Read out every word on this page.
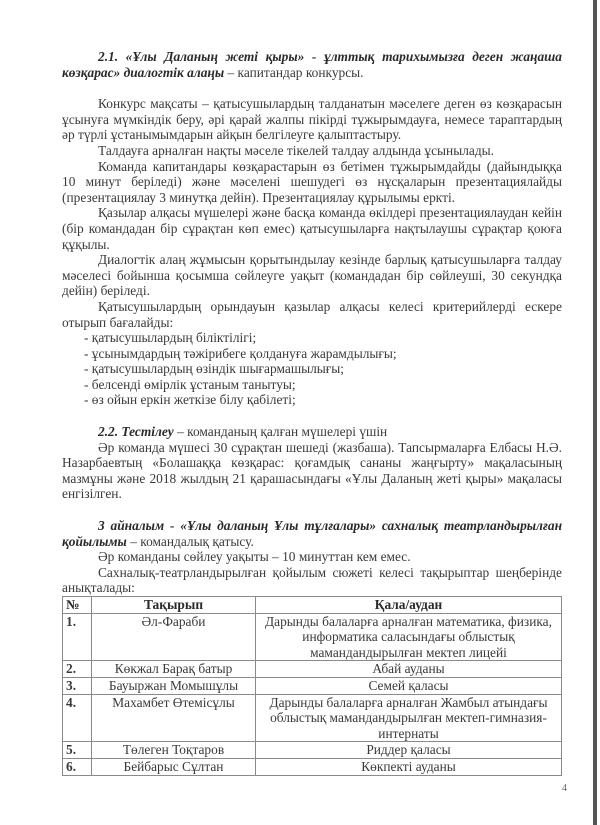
2.1. «Ұлы Даланың жеті қыры» - ұлттық тарихымызға деген жаңаша көзқарас» диалогтік алаңы – капитандар конкурсы.

Конкурс мақсаты – қатысушылардың талданатын мәселеге деген өз көзқарасын ұсынуға мүмкіндік беру, әрі қарай жалпы пікірді тұжырымдауға, немесе тараптардың әр түрлі ұстанымымдарын айқын белгілеуге қалыптастыру.

Талдауға арналған нақты мәселе тікелей талдау алдында ұсынылады.

Команда капитандары көзқарастарын өз бетімен тұжырымдайды (дайындыққа 10 минут беріледі) және мәселені шешудегі өз нұсқаларын презентациялайды (презентациялау 3 минутқа дейін). Презентациялау құрылымы еркті.

Қазылар алқасы мүшелері және басқа команда өкілдері презентациялаудан кейін (бір командадан бір сұрақтан көп емес) қатысушыларға нақтылаушы сұрақтар қоюға құқылы.

Диалогтік алаң жұмысын қорытындылау кезінде барлық қатысушыларға талдау мәселесі бойынша қосымша сөйлеуге уақыт (командадан бір сөйлеуші, 30 секундқа дейін) беріледі.

Қатысушылардың орындауын қазылар алқасы келесі критерийлерді ескере отырып бағалайды:

- қатысушылардың біліктілігі;
- ұсынымдардың тәжірибеге қолдануға жарамдылығы;
- қатысушылардың өзіндік шығармашылығы;
- белсенді өмірлік ұстаным танытуы;
- өз ойын еркін жеткізе білу қабілеті;

2.2. Тестілеу – команданың қалған мүшелері үшін

Әр команда мүшесі 30 сұрақтан шешеді (жазбаша). Тапсырмаларға Елбасы Н.Ә. Назарбаевтың «Болашаққа көзқарас: қоғамдық сананы жаңғырту» мақаласының мазмұны және 2018 жылдың 21 қарашасындағы «Ұлы Даланың жеті қыры» мақаласы енгізілген.

3 айналым - «Ұлы даланың Ұлы тұлғалары» сахналық театрландырылған қойылымы – командалық қатысу.

Әр команданы сөйлеу уақыты – 10 минуттан кем емес.

Сахналық-театрландырылған қойылым сюжеті келесі тақырыптар шеңберінде анықталады:

№	Тақырып	Қала/аудан
1.	Әл-Фараби	Дарынды балаларға арналған математика, физика, информатика саласындағы облыстық мамандандырылған мектеп лицейі
2.	Көкжал Барақ батыр	Абай ауданы
3.	Бауыржан Момышұлы	Семей қаласы
4.	Махамбет Өтемісұлы	Дарынды балаларға арналған Жамбыл атындағы облыстық мамандандырылған мектеп-гимназия-интернаты
5.	Төлеген Тоқтаров	Риддер қаласы
6.	Бейбарыс Сұлтан	Көкпекті ауданы
4
